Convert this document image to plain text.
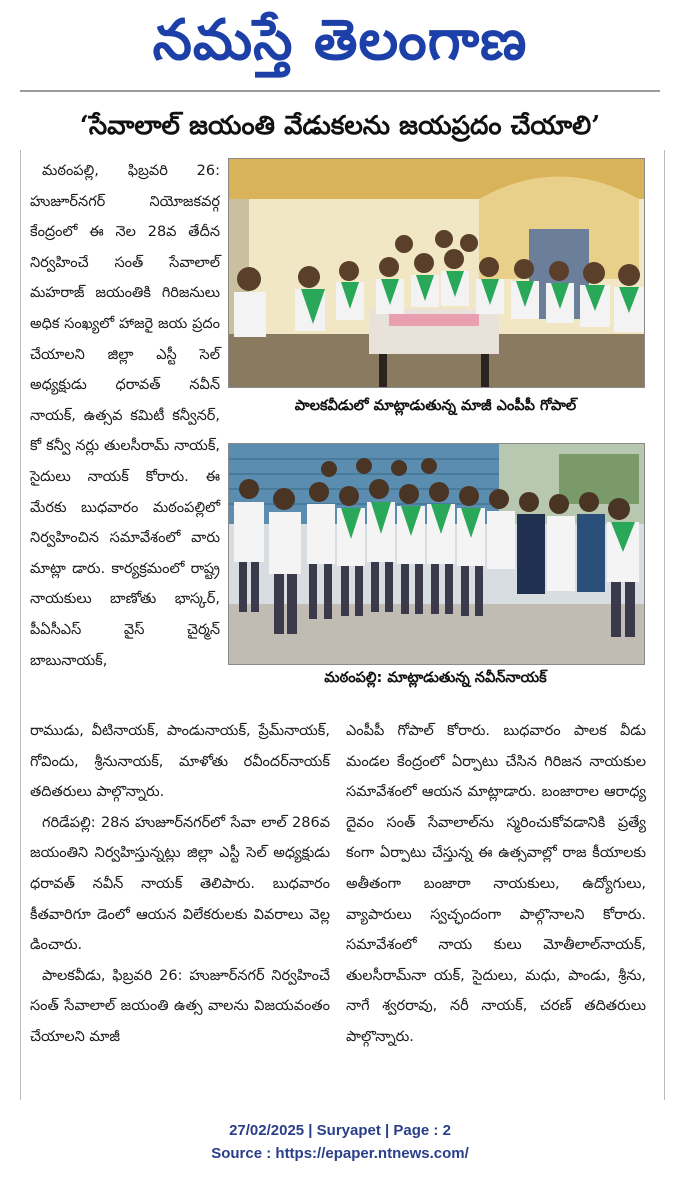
నమస్తే తెలంగాణ
‘సేవాలాల్ జయంతి వేడుకలను జయప్రదం చేయాలి’

మఠంపల్లి, ఫిబ్రవరి 26: హుజూర్‌నగర్ నియోజకవర్గ కేంద్రంలో ఈ నెల 28వ తేదీన నిర్వహించే సంత్ సేవాలాల్ మహరాజ్ జయంతికి గిరిజనులు అధిక సంఖ్యలో హాజరై జయ ప్రదం చేయాలని జిల్లా ఎస్టీ సెల్ అధ్యక్షుడు ధరావత్ నవీన్ నాయక్, ఉత్సవ కమిటీ కన్వీనర్, కో కన్వీ నర్లు తులసీరామ్ నాయక్, సైదులు నాయక్ కోరారు. ఈ మేరకు బుధవారం మఠంపల్లిలో నిర్వహించిన సమావేశంలో వారు మాట్లా డారు. కార్యక్రమంలో రాష్ట్ర నాయకులు బాణోతు భాస్కర్, పీఏసీఎస్ వైస్ చైర్మన్ బాబునాయక్,

రాముడు, వీటినాయక్, పాండునాయక్, ప్రేమ్‌నాయక్, గోవిందు, శ్రీనునాయక్, మాళోతు రవీందర్‌నాయక్ తదితరులు పాల్గొన్నారు.

గరిడేపల్లి: 28న హుజూర్‌నగర్‌లో సేవా లాల్ 286వ జయంతిని నిర్వహిస్తున్నట్లు జిల్లా ఎస్టీ సెల్ అధ్యక్షుడు ధరావత్ నవీన్ నాయక్ తెలిపారు. బుధవారం కీతవారిగూ డెంలో ఆయన విలేకరులకు వివరాలు వెల్ల డించారు.

పాలకవీడు, ఫిబ్రవరి 26: హుజూర్‌నగర్ నిర్వహించే సంత్ సేవాలాల్ జయంతి ఉత్స వాలను విజయవంతం చేయాలని మాజీ

ఎంపీపీ గోపాల్ కోరారు. బుధవారం పాలక వీడు మండల కేంద్రంలో ఏర్పాటు చేసిన గిరిజన నాయకుల సమావేశంలో ఆయన మాట్లాడారు. బంజారాల ఆరాధ్య దైవం సంత్ సేవాలాల్‌ను స్మరించుకోవడానికి ప్రత్యే కంగా ఏర్పాటు చేస్తున్న ఈ ఉత్సవాల్లో రాజ కీయాలకు అతీతంగా బంజారా నాయకులు, ఉద్యోగులు, వ్యాపారులు స్వచ్ఛందంగా పాల్గొనాలని కోరారు. సమావేశంలో నాయ కులు మోతీలాల్‌నాయక్, తులసీరామ్‌నా యక్, సైదులు, మధు, పాండు, శ్రీను, నాగే శ్వరరావు, నరీ నాయక్, చరణ్ తదితరులు పాల్గొన్నారు.

పాలకవీడులో మాట్లాడుతున్న మాజీ ఎంపీపీ గోపాల్
మఠంపల్లి: మాట్లాడుతున్న నవీన్‌నాయక్
27/02/2025 | Suryapet | Page : 2
Source : https://epaper.ntnews.com/
